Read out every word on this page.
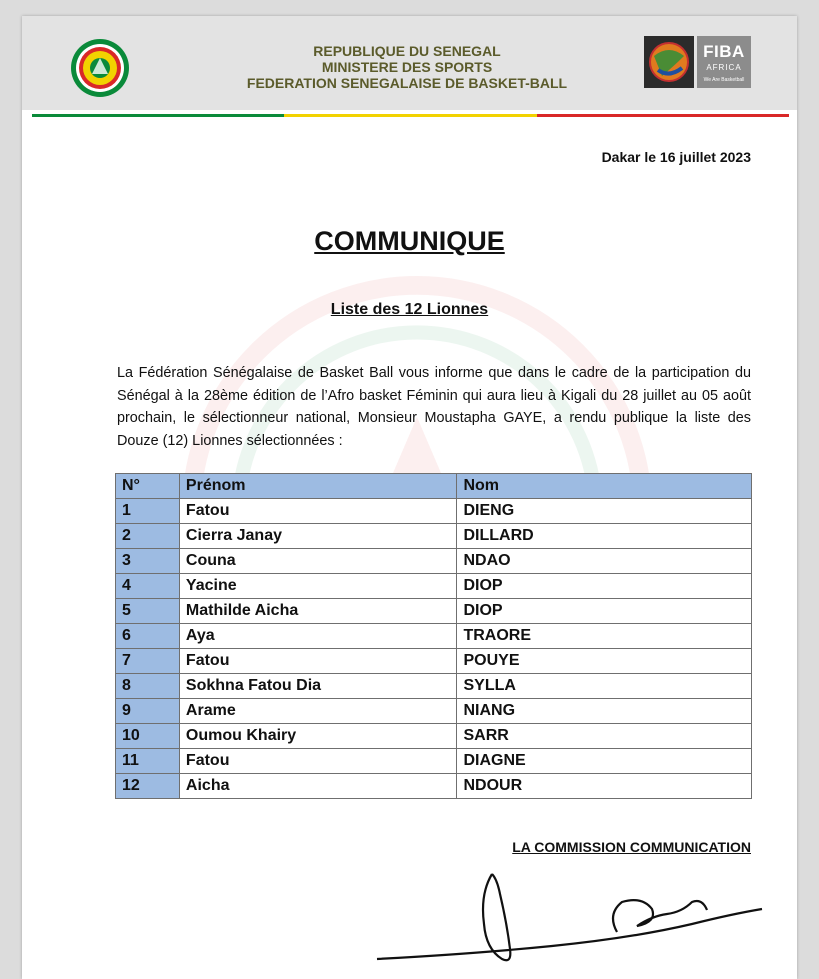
REPUBLIQUE DU SENEGAL
MINISTERE DES SPORTS
FEDERATION SENEGALAISE DE BASKET-BALL
FIBA
AFRICA
We Are Basketball
Dakar le 16 juillet 2023
COMMUNIQUE
Liste des 12 Lionnes
La Fédération Sénégalaise de Basket Ball vous informe que dans le cadre de la participation du Sénégal à la 28ème édition de l’Afro basket Féminin qui aura lieu à Kigali du 28 juillet au 05 août prochain, le sélectionneur national, Monsieur Moustapha GAYE, a rendu publique la liste des Douze (12) Lionnes sélectionnées :
N°	Prénom	Nom
1	Fatou	DIENG
2	Cierra Janay	DILLARD
3	Couna	NDAO
4	Yacine	DIOP
5	Mathilde Aicha	DIOP
6	Aya	TRAORE
7	Fatou	POUYE
8	Sokhna Fatou Dia	SYLLA
9	Arame	NIANG
10	Oumou Khairy	SARR
11	Fatou	DIAGNE
12	Aicha	NDOUR
LA COMMISSION COMMUNICATION
